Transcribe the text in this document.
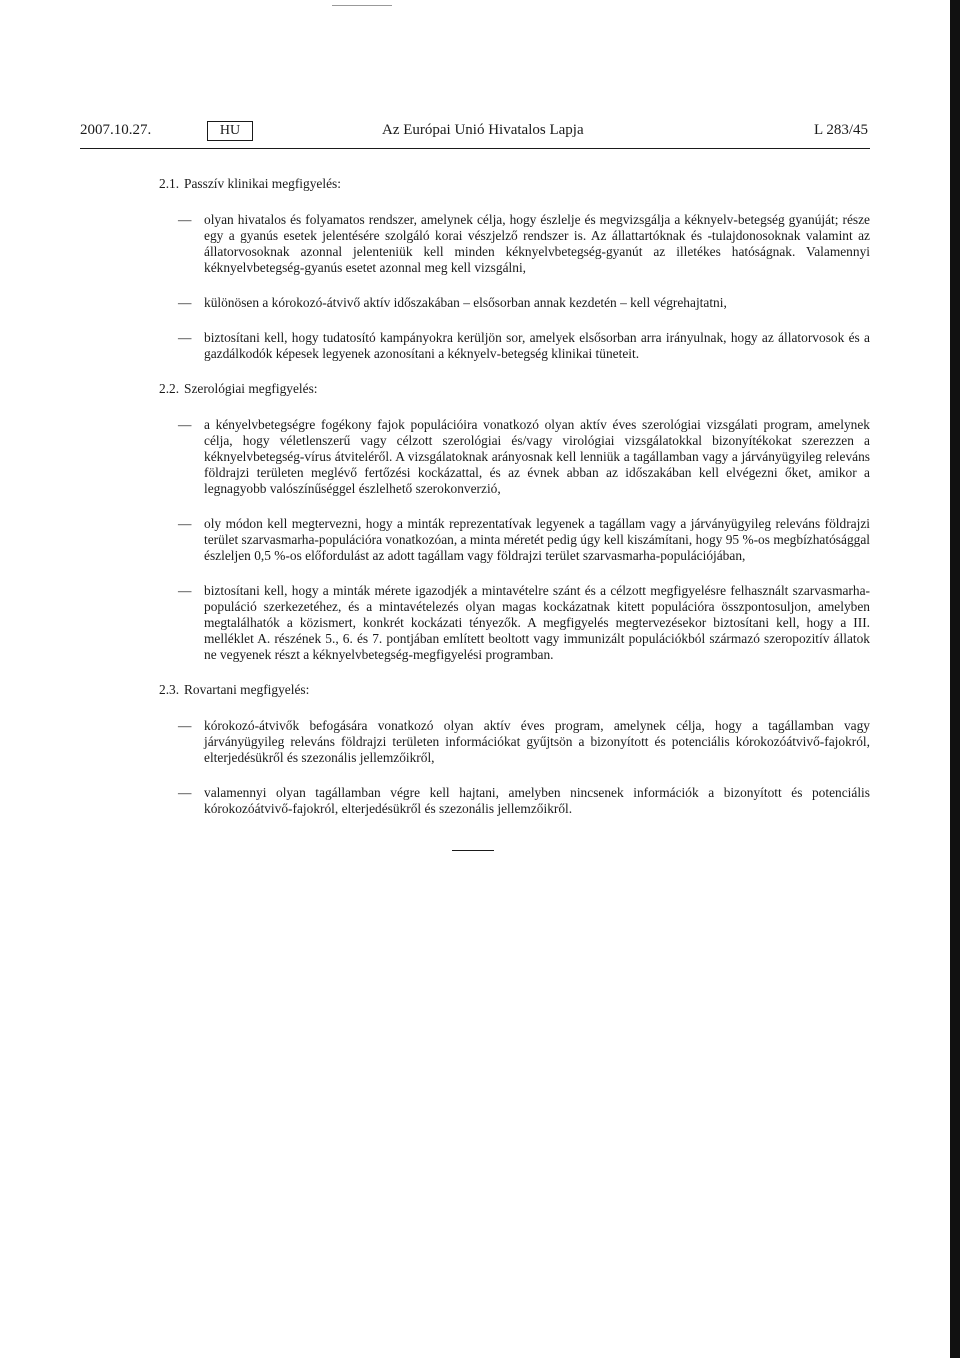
2007.10.27.	HU	Az Európai Unió Hivatalos Lapja	L 283/45
2.1. Passzív klinikai megfigyelés:
— olyan hivatalos és folyamatos rendszer, amelynek célja, hogy észlelje és megvizsgálja a kéknyelv-betegség gyanúját; része egy a gyanús esetek jelentésére szolgáló korai vészjelző rendszer is. Az állattartóknak és -tulajdonosoknak valamint az állatorvosoknak azonnal jelenteniük kell minden kéknyelvbetegség-gyanút az illetékes hatóságnak. Valamennyi kéknyelvbetegség-gyanús esetet azonnal meg kell vizsgálni,
— különösen a kórokozó-átvivő aktív időszakában – elsősorban annak kezdetén – kell végrehajtatni,
— biztosítani kell, hogy tudatosító kampányokra kerüljön sor, amelyek elsősorban arra irányulnak, hogy az állatorvosok és a gazdálkodók képesek legyenek azonosítani a kéknyelv-betegség klinikai tüneteit.
2.2. Szerológiai megfigyelés:
— a kényelvbetegségre fogékony fajok populációira vonatkozó olyan aktív éves szerológiai vizsgálati program, amelynek célja, hogy véletlenszerű vagy célzott szerológiai és/vagy virológiai vizsgálatokkal bizonyítékokat szerezzen a kéknyelvbetegség-vírus átviteléről. A vizsgálatoknak arányosnak kell lenniük a tagállamban vagy a járványügyileg releváns földrajzi területen meglévő fertőzési kockázattal, és az évnek abban az időszakában kell elvégezni őket, amikor a legnagyobb valószínűséggel észlelhető szerokonverzió,
— oly módon kell megtervezni, hogy a minták reprezentatívak legyenek a tagállam vagy a járványügyileg releváns földrajzi terület szarvasmarha-populációra vonatkozóan, a minta méretét pedig úgy kell kiszámítani, hogy 95 %-os megbízhatósággal észleljen 0,5 %-os előfordulást az adott tagállam vagy földrajzi terület szarvasmarha-populációjában,
— biztosítani kell, hogy a minták mérete igazodjék a mintavételre szánt és a célzott megfigyelésre felhasznált szarvasmarha-populáció szerkezetéhez, és a mintavételezés olyan magas kockázatnak kitett populációra összpontosuljon, amelyben megtalálhatók a közismert, konkrét kockázati tényezők. A megfigyelés megtervezésekor biztosítani kell, hogy a III. melléklet A. részének 5., 6. és 7. pontjában említett beoltott vagy immunizált populációkból származó szeropozitív állatok ne vegyenek részt a kéknyelvbetegség-megfigyelési programban.
2.3. Rovartani megfigyelés:
— kórokozó-átvivők befogására vonatkozó olyan aktív éves program, amelynek célja, hogy a tagállamban vagy járványügyileg releváns földrajzi területen információkat gyűjtsön a bizonyított és potenciális kórokozóátvivő-fajokról, elterjedésükről és szezonális jellemzőikről,
— valamennyi olyan tagállamban végre kell hajtani, amelyben nincsenek információk a bizonyított és potenciális kórokozóátvivő-fajokról, elterjedésükről és szezonális jellemzőikről.
